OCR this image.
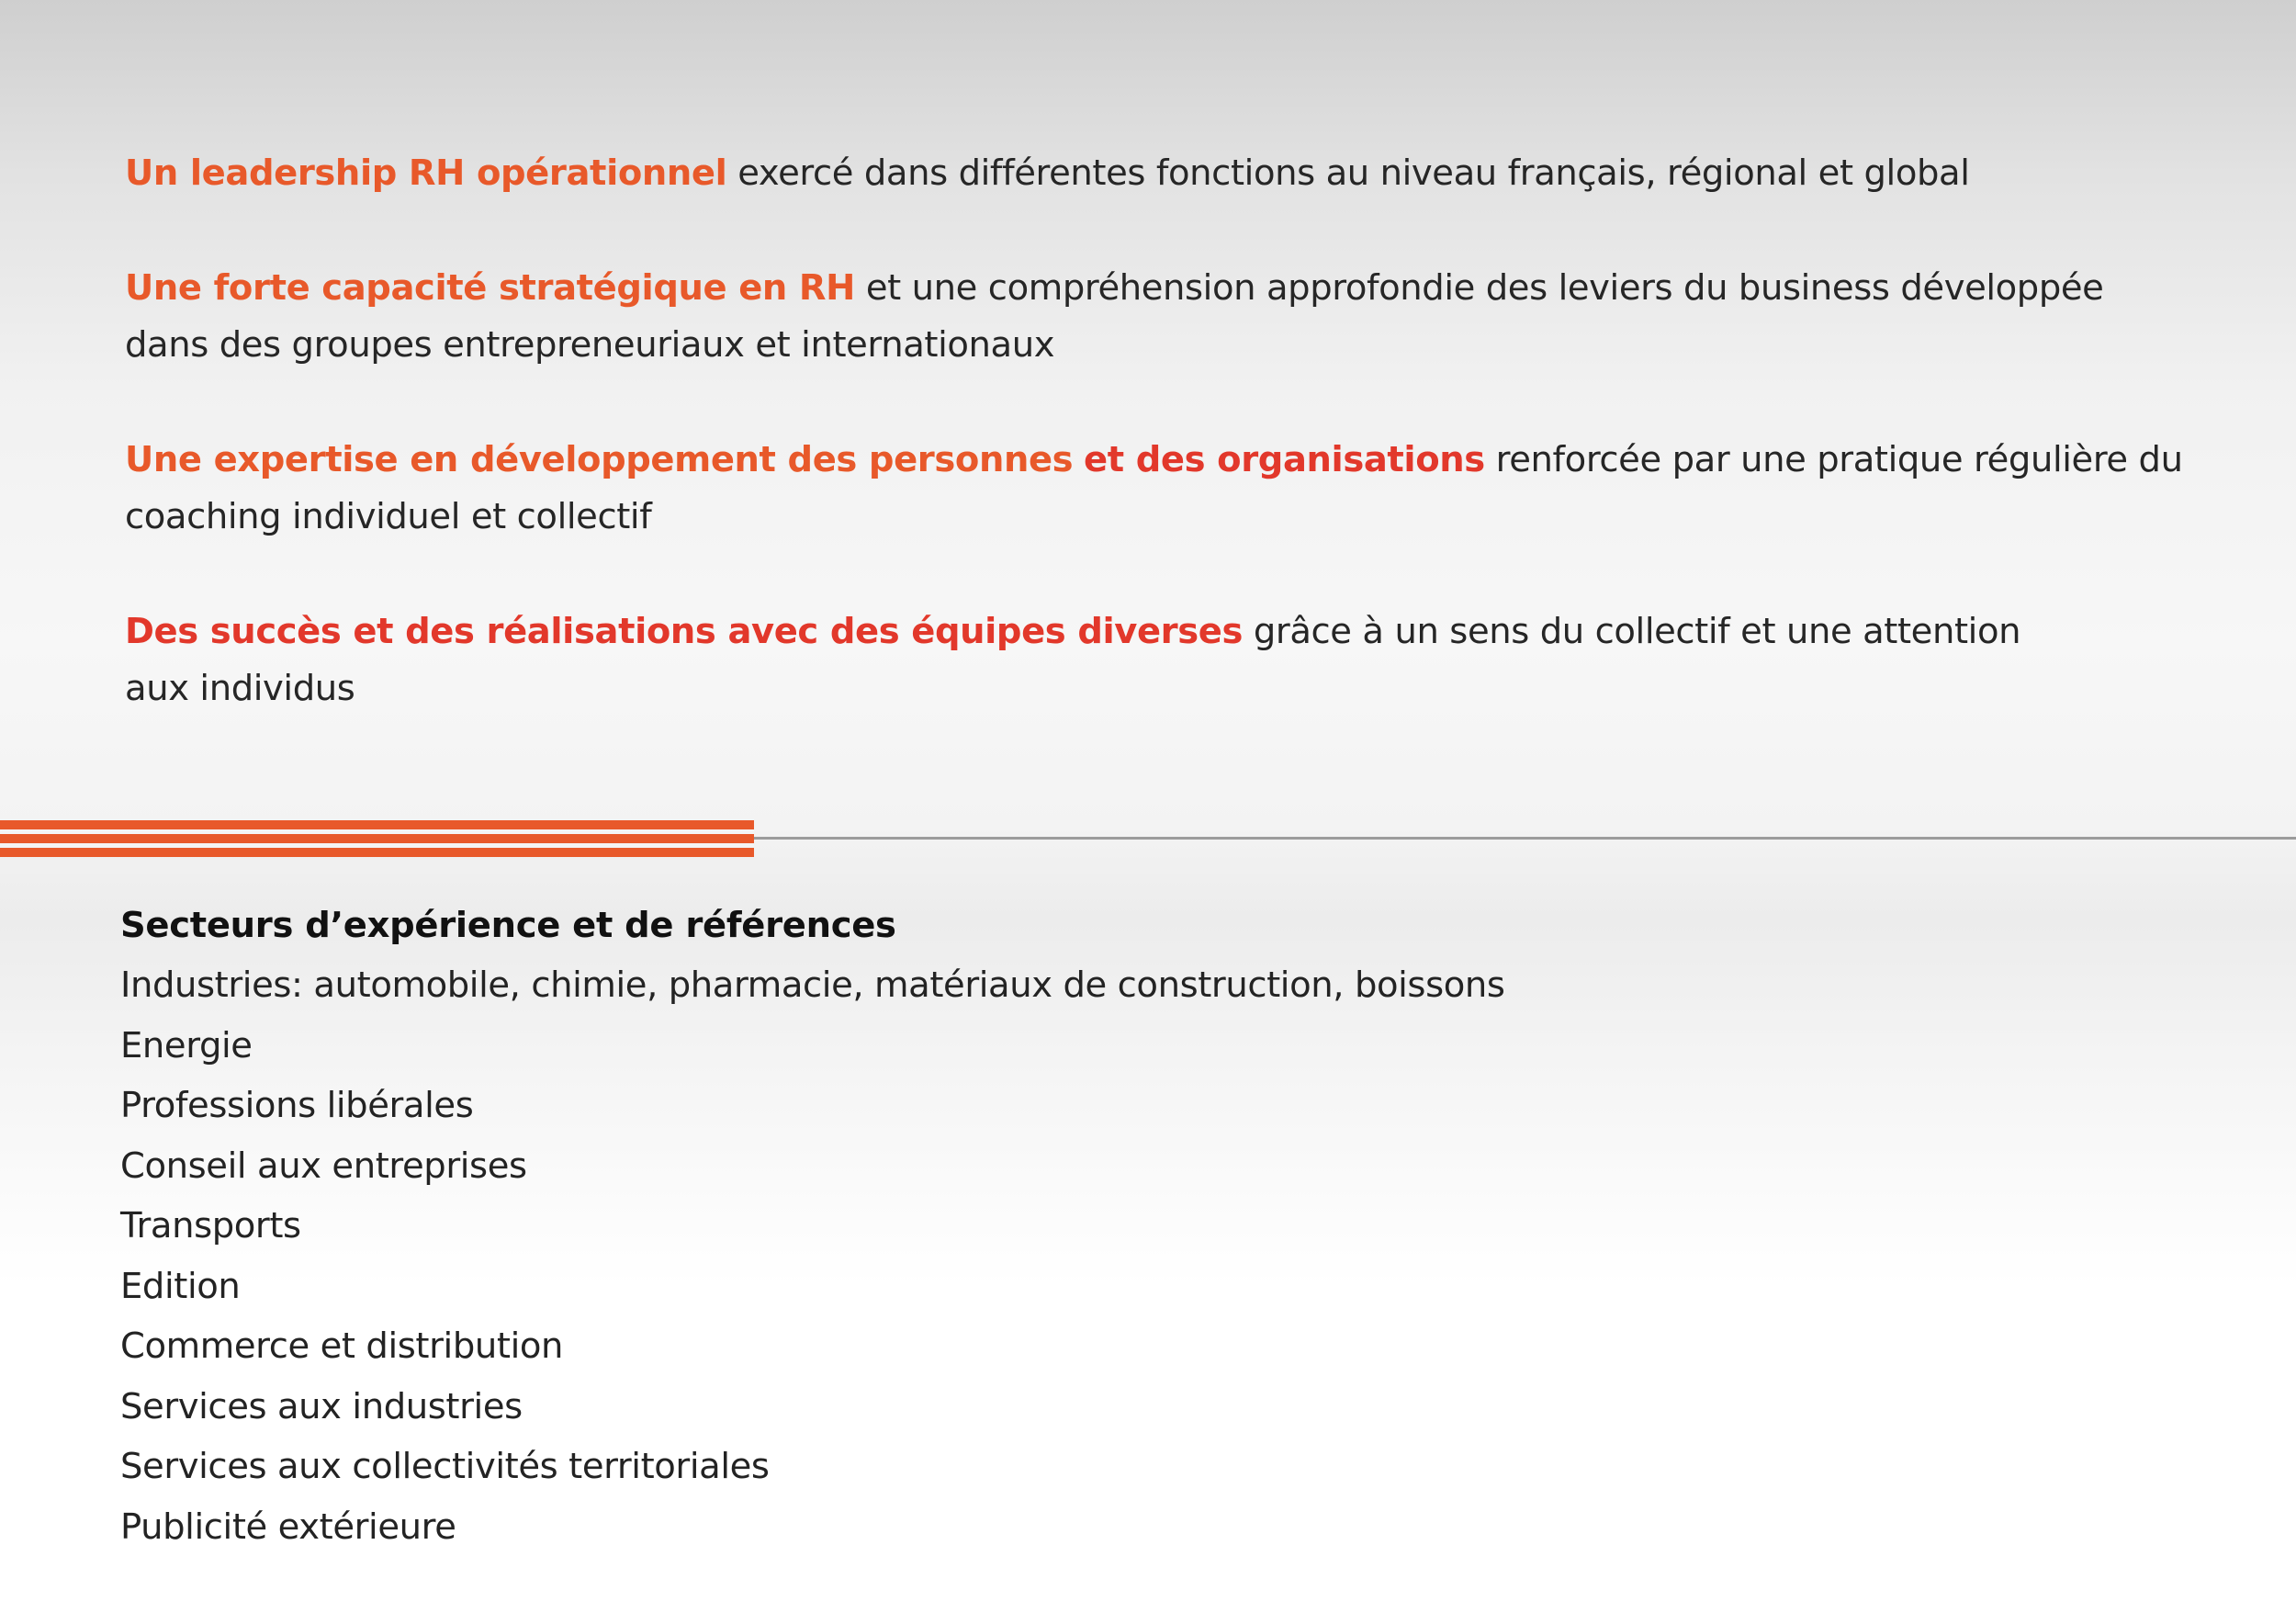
Un leadership RH opérationnel exercé dans différentes fonctions au niveau français, régional et global

Une forte capacité stratégique en RH et une compréhension approfondie des leviers du business développée
dans des groupes entrepreneuriaux et internationaux

Une expertise en développement des personnes et des organisations renforcée par une pratique régulière du
coaching individuel et collectif

Des succès et des réalisations avec des équipes diverses grâce à un sens du collectif et une attention
aux individus

Secteurs d’expérience et de références
Industries: automobile, chimie, pharmacie, matériaux de construction, boissons
Energie
Professions libérales
Conseil aux entreprises
Transports
Edition
Commerce et distribution
Services aux industries
Services aux collectivités territoriales
Publicité extérieure
